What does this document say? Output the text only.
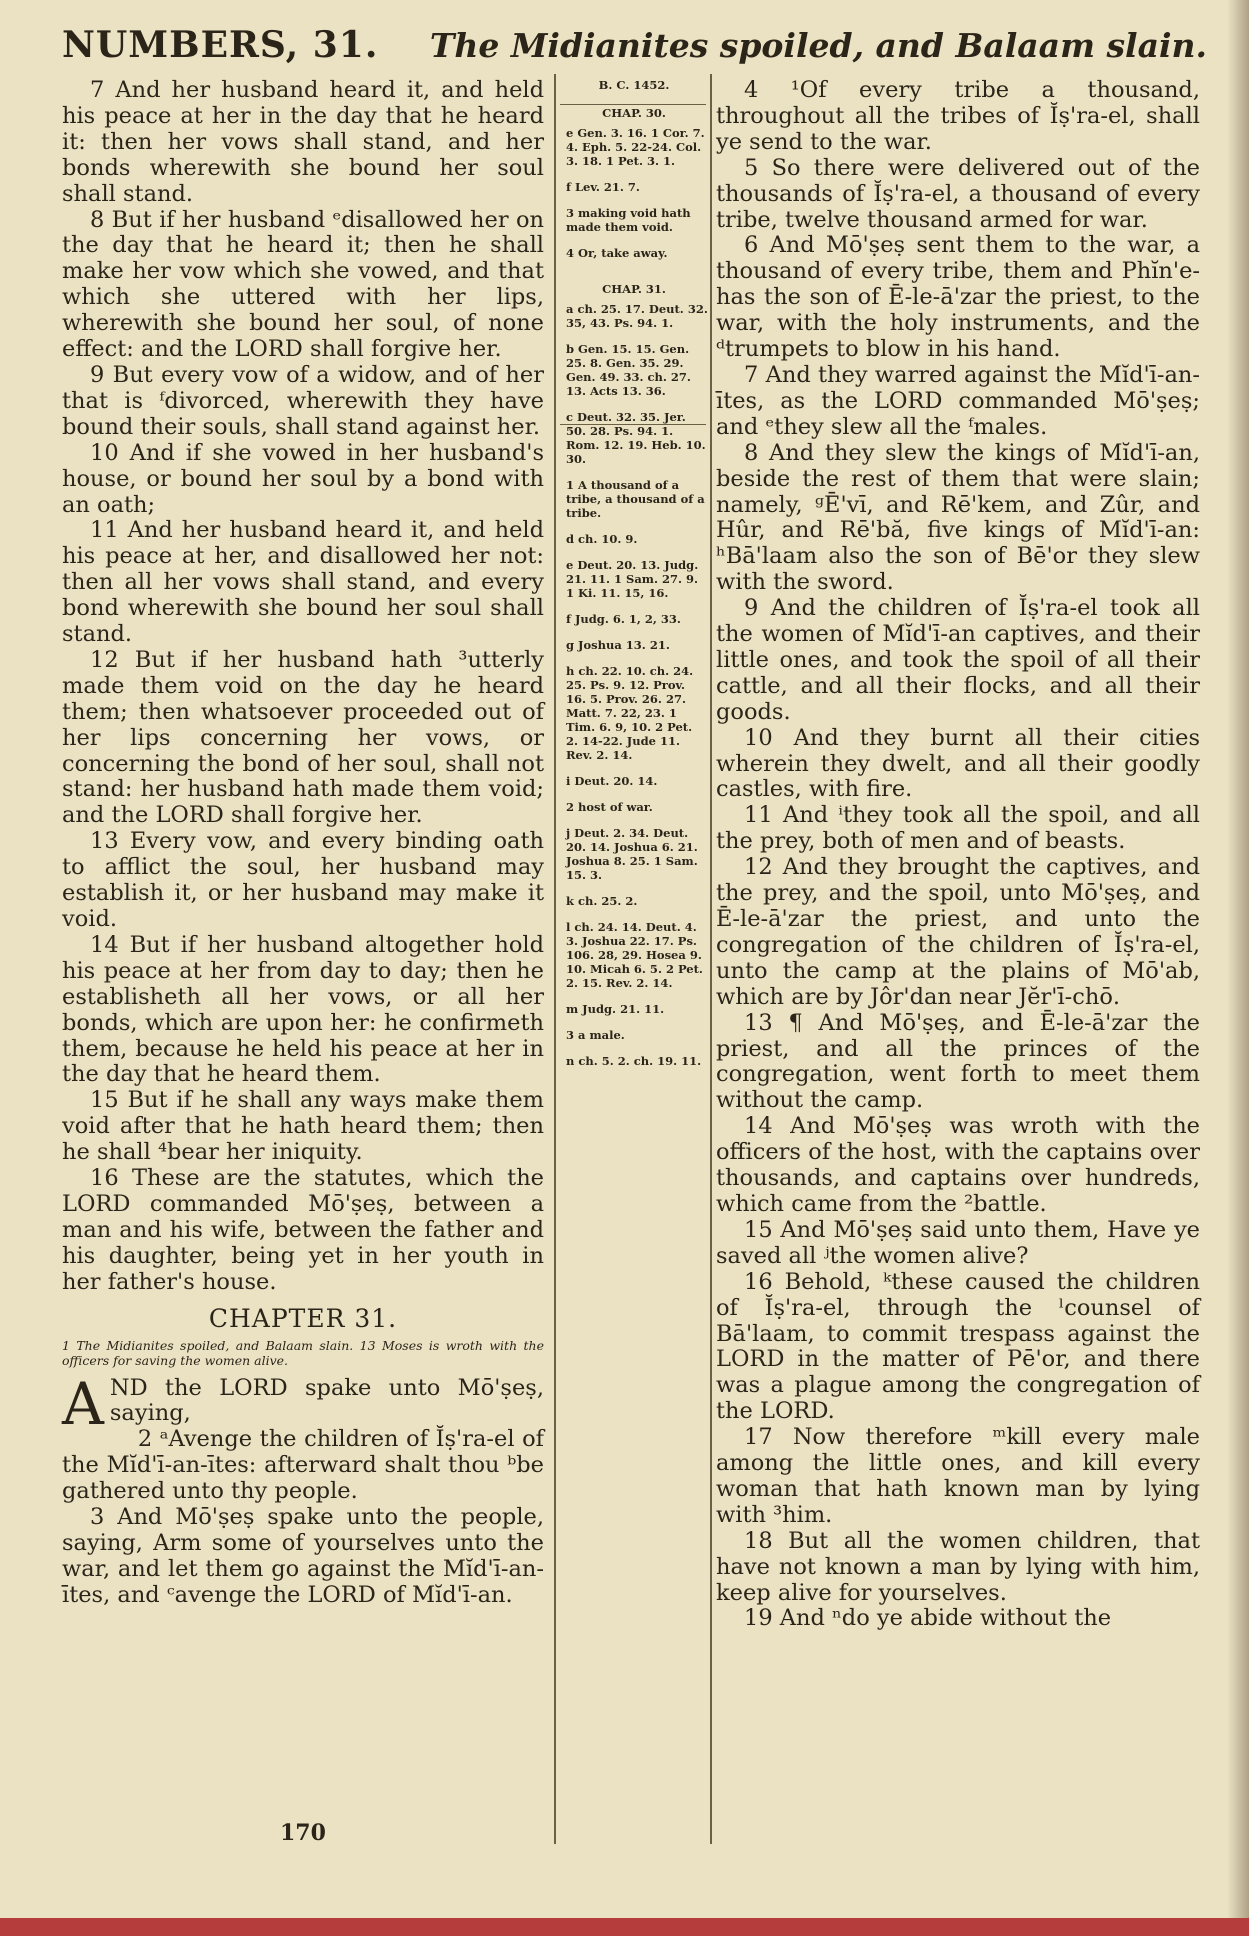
NUMBERS, 31. The Midianites spoiled, and Balaam slain.

7 And her husband heard it, and held his peace at her in the day that he heard it: then her vows shall stand, and her bonds wherewith she bound her soul shall stand.

8 But if her husband ᵉdisallowed her on the day that he heard it; then he shall make her vow which she vowed, and that which she uttered with her lips, wherewith she bound her soul, of none effect: and the LORD shall forgive her.

9 But every vow of a widow, and of her that is ᶠdivorced, wherewith they have bound their souls, shall stand against her.

10 And if she vowed in her husband's house, or bound her soul by a bond with an oath;

11 And her husband heard it, and held his peace at her, and disallowed her not: then all her vows shall stand, and every bond wherewith she bound her soul shall stand.

12 But if her husband hath ³utterly made them void on the day he heard them; then whatsoever proceeded out of her lips concerning her vows, or concerning the bond of her soul, shall not stand: her husband hath made them void; and the LORD shall forgive her.

13 Every vow, and every binding oath to afflict the soul, her husband may establish it, or her husband may make it void.

14 But if her husband altogether hold his peace at her from day to day; then he establisheth all her vows, or all her bonds, which are upon her: he confirmeth them, because he held his peace at her in the day that he heard them.

15 But if he shall any ways make them void after that he hath heard them; then he shall ⁴bear her iniquity.

16 These are the statutes, which the LORD commanded Mō'ṣeṣ, between a man and his wife, between the father and his daughter, being yet in her youth in her father's house.

CHAPTER 31.
1 The Midianites spoiled, and Balaam slain. 13 Moses is wroth with the officers for saving the women alive.

AND the LORD spake unto Mō'ṣeṣ, saying,

2 ᵃAvenge the children of Ĭṣ'ra-el of the Mĭd'ī-an-ītes: afterward shalt thou ᵇbe gathered unto thy people.

3 And Mō'ṣeṣ spake unto the people, saying, Arm some of yourselves unto the war, and let them go against the Mĭd'ī-an-ītes, and ᶜavenge the LORD of Mĭd'ī-an.

B. C. 1452.
CHAP. 30.
e Gen. 3. 16. 1 Cor. 7. 4. Eph. 5. 22-24. Col. 3. 18. 1 Pet. 3. 1.
f Lev. 21. 7.
3 making void hath made them void.
4 Or, take away.
CHAP. 31.
a ch. 25. 17. Deut. 32. 35, 43. Ps. 94. 1.
b Gen. 15. 15. Gen. 25. 8. Gen. 35. 29. Gen. 49. 33. ch. 27. 13. Acts 13. 36.
c Deut. 32. 35. Jer. 50. 28. Ps. 94. 1. Rom. 12. 19. Heb. 10. 30.
1 A thousand of a tribe, a thousand of a tribe.
d ch. 10. 9.
e Deut. 20. 13. Judg. 21. 11. 1 Sam. 27. 9. 1 Ki. 11. 15, 16.
f Judg. 6. 1, 2, 33.
g Joshua 13. 21.
h ch. 22. 10. ch. 24. 25. Ps. 9. 12. Prov. 16. 5. Prov. 26. 27. Matt. 7. 22, 23. 1 Tim. 6. 9, 10. 2 Pet. 2. 14-22. Jude 11. Rev. 2. 14.
i Deut. 20. 14.
2 host of war.
j Deut. 2. 34. Deut. 20. 14. Joshua 6. 21. Joshua 8. 25. 1 Sam. 15. 3.
k ch. 25. 2.
l ch. 24. 14. Deut. 4. 3. Joshua 22. 17. Ps. 106. 28, 29. Hosea 9. 10. Micah 6. 5. 2 Pet. 2. 15. Rev. 2. 14.
m Judg. 21. 11.
3 a male.
n ch. 5. 2. ch. 19. 11.

4 ¹Of every tribe a thousand, throughout all the tribes of Ĭṣ'ra-el, shall ye send to the war.

5 So there were delivered out of the thousands of Ĭṣ'ra-el, a thousand of every tribe, twelve thousand armed for war.

6 And Mō'ṣeṣ sent them to the war, a thousand of every tribe, them and Phĭn'e-has the son of Ē-le-ā'zar the priest, to the war, with the holy instruments, and the ᵈtrumpets to blow in his hand.

7 And they warred against the Mĭd'ī-an-ītes, as the LORD commanded Mō'ṣeṣ; and ᵉthey slew all the ᶠmales.

8 And they slew the kings of Mĭd'ī-an, beside the rest of them that were slain; namely, ᵍĒ'vī, and Rē'kem, and Zûr, and Hûr, and Rē'bă, five kings of Mĭd'ī-an: ʰBā'laam also the son of Bē'or they slew with the sword.

9 And the children of Ĭṣ'ra-el took all the women of Mĭd'ī-an captives, and their little ones, and took the spoil of all their cattle, and all their flocks, and all their goods.

10 And they burnt all their cities wherein they dwelt, and all their goodly castles, with fire.

11 And ⁱthey took all the spoil, and all the prey, both of men and of beasts.

12 And they brought the captives, and the prey, and the spoil, unto Mō'ṣeṣ, and Ē-le-ā'zar the priest, and unto the congregation of the children of Ĭṣ'ra-el, unto the camp at the plains of Mō'ab, which are by Jôr'dan near Jĕr'ī-chō.

13 ¶ And Mō'ṣeṣ, and Ē-le-ā'zar the priest, and all the princes of the congregation, went forth to meet them without the camp.

14 And Mō'ṣeṣ was wroth with the officers of the host, with the captains over thousands, and captains over hundreds, which came from the ²battle.

15 And Mō'ṣeṣ said unto them, Have ye saved all ʲthe women alive?

16 Behold, ᵏthese caused the children of Ĭṣ'ra-el, through the ˡcounsel of Bā'laam, to commit trespass against the LORD in the matter of Pē'or, and there was a plague among the congregation of the LORD.

17 Now therefore ᵐkill every male among the little ones, and kill every woman that hath known man by lying with ³him.

18 But all the women children, that have not known a man by lying with him, keep alive for yourselves.

19 And ⁿdo ye abide without the

170
